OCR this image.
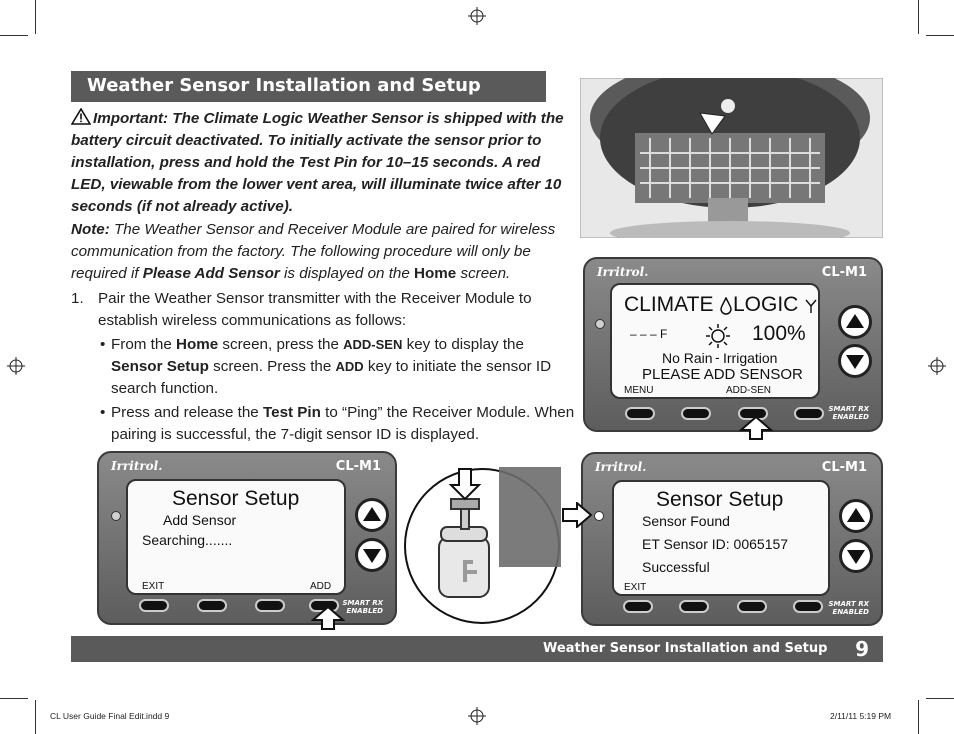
Weather Sensor Installation and Setup

Important: The Climate Logic Weather Sensor is shipped with the battery circuit deactivated. To initially activate the sensor prior to installation, press and hold the Test Pin for 10–15 seconds. A red LED, viewable from the lower vent area, will illuminate twice after 10 seconds (if not already active).

Note: The Weather Sensor and Receiver Module are paired for wireless communication from the factory. The following procedure will only be required if Please Add Sensor is displayed on the Home screen.

1. Pair the Weather Sensor transmitter with the Receiver Module to establish wireless communications as follows:
• From the Home screen, press the ADD-SEN key to display the Sensor Setup screen. Press the ADD key to initiate the sensor ID search function.
• Press and release the Test Pin to “Ping” the Receiver Module. When pairing is successful, the 7-digit sensor ID is displayed.
Irritrol.	CL-M1
CLIMATE LOGIC
– – – F	100%
No Rain - Irrigation
PLEASE ADD SENSOR
MENU	ADD-SEN
SMART RX
ENABLED
Irritrol.	CL-M1
Sensor Setup
Add Sensor
Searching.......
EXIT	ADD
SMART RX
ENABLED
Irritrol.	CL-M1
Sensor Setup
Sensor Found
ET Sensor ID: 0065157
Successful
EXIT
SMART RX
ENABLED
Weather Sensor Installation and Setup 9
CL User Guide Final Edit.indd 9	2/11/11 5:19 PM
